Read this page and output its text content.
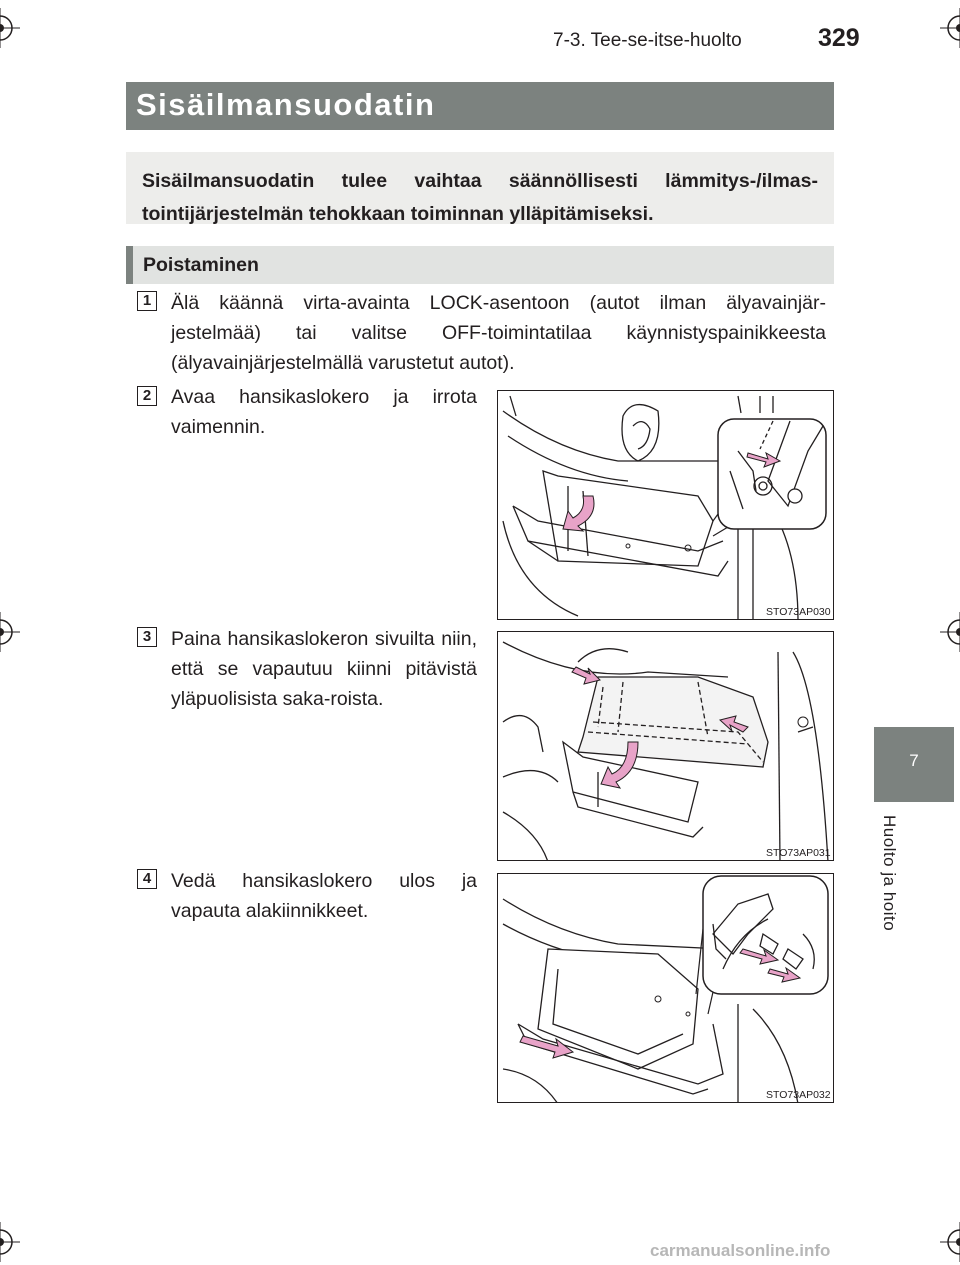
7-3. Tee-se-itse-huolto	329
Sisäilmansuodatin

Sisäilmansuodatin tulee vaihtaa säännöllisesti lämmitys-/ilmas-tointijärjestelmän tehokkaan toiminnan ylläpitämiseksi.

Poistaminen
1 Älä käännä virta-avainta LOCK-asentoon (autot ilman älyavainjär-jestelmää) tai valitse OFF-toimintatilaa käynnistyspainikkeesta (älyavainjärjestelmällä varustetut autot).

2 Avaa hansikaslokero ja irrota vaimennin.

3 Paina hansikaslokeron sivuilta niin, että se vapautuu kiinni pitävistä yläpuolisista saka-roista.

4 Vedä hansikaslokero ulos ja vapauta alakiinnikkeet.

STO73AP030
STO73AP031
STO73AP032
7
Huolto ja hoito
carmanualsonline.info
